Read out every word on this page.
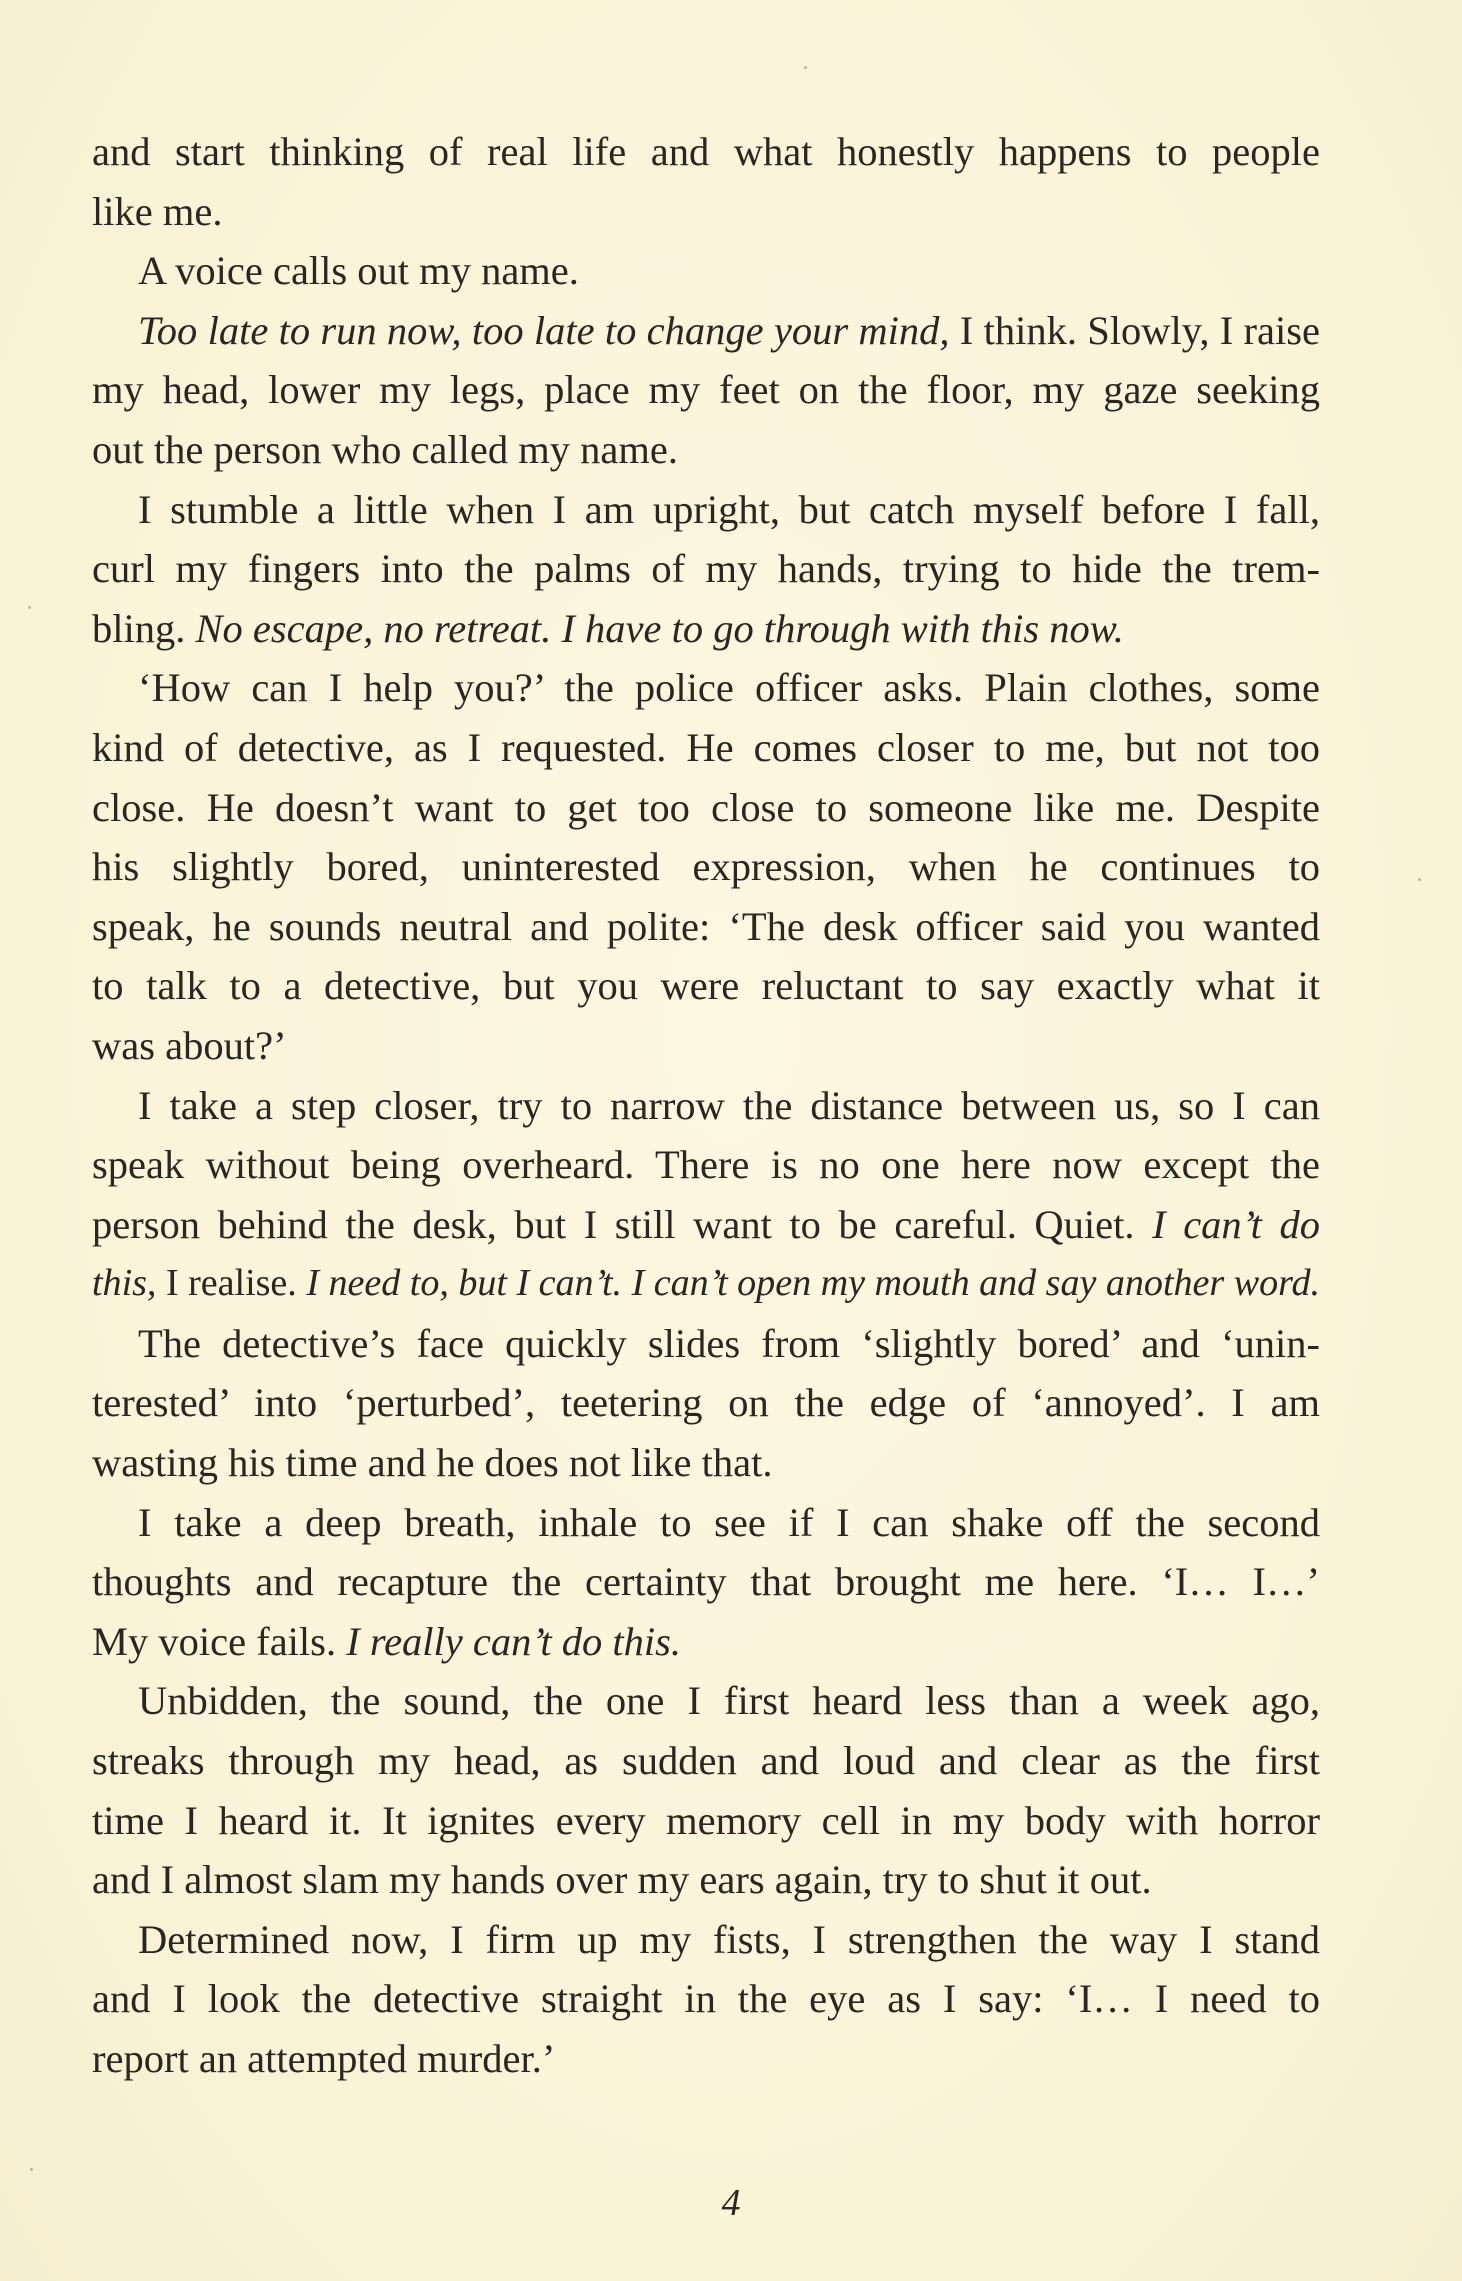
and start thinking of real life and what honestly happens to people
like me.
A voice calls out my name.
Too late to run now, too late to change your mind, I think. Slowly, I raise
my head, lower my legs, place my feet on the floor, my gaze seeking
out the person who called my name.
I stumble a little when I am upright, but catch myself before I fall,
curl my fingers into the palms of my hands, trying to hide the trem-
bling. No escape, no retreat. I have to go through with this now.
‘How can I help you?’ the police officer asks. Plain clothes, some
kind of detective, as I requested. He comes closer to me, but not too
close. He doesn’t want to get too close to someone like me. Despite
his slightly bored, uninterested expression, when he continues to
speak, he sounds neutral and polite: ‘The desk officer said you wanted
to talk to a detective, but you were reluctant to say exactly what it
was about?’
I take a step closer, try to narrow the distance between us, so I can
speak without being overheard. There is no one here now except the
person behind the desk, but I still want to be careful. Quiet. I can’t do
this, I realise. I need to, but I can’t. I can’t open my mouth and say another word.
The detective’s face quickly slides from ‘slightly bored’ and ‘unin-
terested’ into ‘perturbed’, teetering on the edge of ‘annoyed’. I am
wasting his time and he does not like that.
I take a deep breath, inhale to see if I can shake off the second
thoughts and recapture the certainty that brought me here. ‘I… I…’
My voice fails. I really can’t do this.
Unbidden, the sound, the one I first heard less than a week ago,
streaks through my head, as sudden and loud and clear as the first
time I heard it. It ignites every memory cell in my body with horror
and I almost slam my hands over my ears again, try to shut it out.
Determined now, I firm up my fists, I strengthen the way I stand
and I look the detective straight in the eye as I say: ‘I… I need to
report an attempted murder.’
4
